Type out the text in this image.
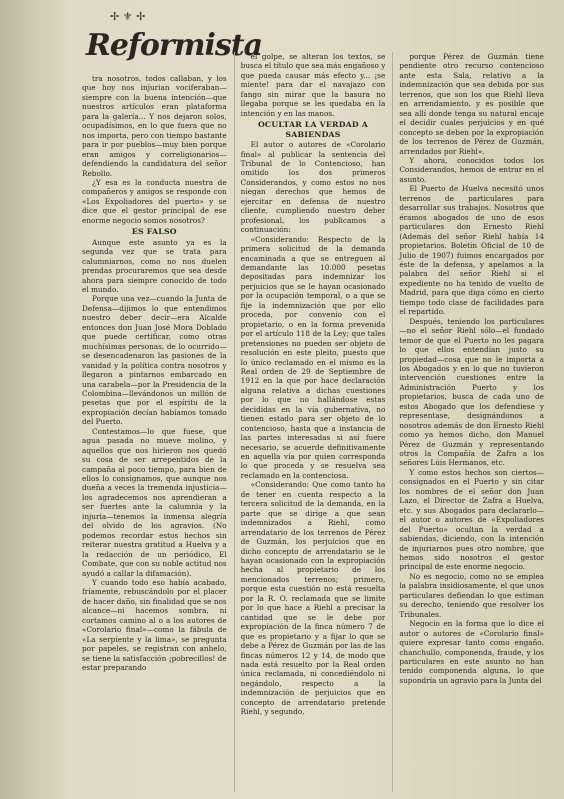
✢ ⚜ ✢
Reformista

tra nosotros, todos callaban, y los que hoy nos injurian vociferaban—siempre con la buena intención—que nuestros artículos eran plataforma para la galería... Y nos dejaron solos, ocupadísimos, en lo que fuera que no nos importa, pero con tiempo bastante para ir por pueblos—muy bien porque eran amigos y correligionarios—defendiendo la candidatura del señor Rebollo.

¿Y esa es la conducta nuestra de compañeros y amigos se responde con «Los Expoliadores del puerto» y se dice que el gestor principal de ese enorme negocio somos nosotros?

ES FALSO

Aunque este asunto ya es la segunda vez que se trata para calumniarnos, como no nos duelen prendas procuraremos que sea desde ahora para siempre conocido de todo el mundo.

Porque una vez—cuando la Junta de Defensa—dijimos lo que entendimos nuestro deber decir—era Alcalde entonces don Juan José Mora Doblado que puede certificar, como otras muchísimas personas, de lo ocurrido—se desencadenaron las pasiones de la vanidad y la política contra nosotros y llegaron a pintarnos embarcado en una carabela—por la Presidencia de la Colombina—llevándonos un millón de pesetas que por el espíritu de la expropiación decían habíamos tomado del Puerto.

Contestamos—lo que fuese, que agua pasada no mueve molino, y aquellos que nos hirieron nos quedó su cosa de ser arrepentidos de la campaña al poco tiempo, para bien de ellos lo consignamos, que aunque nos dueña a veces la tremenda injusticia—los agradecemos nos aprendieran a ser fuertes ante la calumnia y la injuria—tenemos la inmensa alegría del olvido de los agravios. (No podemos recordar estos hechos sin reiterar nuestra gratitud a Huelva y a la redacción de un periódico, El Combate, que con su noble actitud nos ayudó a callar la difamación).

Y cuando todo eso había acabado, fríamente, rebuscándolo por el placer de hacer daño, sin finalidad que se nos alcance—ni hacemos sombra, ni cortamos camino al o a los autores de «Corolario final»—como la fábula de «La serpiente y la lima», se pregunta por papeles, se registran con anhelo, se tiene la satisfacción ¡pobrecillos! de estar preparando

el golpe, se alteran los textos, se busca el título que sea más engañoso y que pueda causar más efecto y... ¡se miente! para dar el navajazo con fango sin mirar que la basura no llegaba porque se les quedaba en la intención y en las manos.

OCULTAR LA VERDAD A SABIENDAS

El autor o autores de «Corolario final» al publicar la sentencia del Tribunal de lo Contencioso, han omitido los dos primeros Considerandos, y como estos no nos niegan derechos que hemos de ejercitar en defensa de nuestro cliente, cumpliendo nuestro deber profesional, los publicamos a continuación:

«Considerando: Respecto de la primera solicitud de la demanda encaminada a que se entreguen al demandante las 10.000 pesetas depositadas para indemnizar los perjuicios que se le hayan ocasionado por la ocupación temporal, o a que se fije la indemnización que por ello proceda, por convenio con el propietario, o en la forma prevenida por el artículo 118 de la Ley; que tales pretensiones no pueden ser objeto de resolución en este pleito, puesto que lo único reclamado en el mismo es la Real orden de 29 de Septiembre de 1912 en la que por hace declaración alguna relativa a dichas cuestiones por lo que no hallándose estas decididas en la vía gubernativa, no tienen estado para ser objeto de lo contencioso, hasta que a instancia de las partes interesadas si así fuere necesario, se acuerde definitivamente en aquella vía por quien corresponda lo que proceda y se resuelva sea reclamado en la contenciosa.

«Considerando: Que como tanto ha de tener en cuenta respecto a la tercera solicitud de la demanda, en la parte que se dirige a que sean indemnizados a Riehl, como arrendatario de los terrenos de Pérez de Guzmán, los perjuicios que en dicho concepto de arrendatario se le hayan ocasionado con la expropiación hecha al propietario de los mencionados terrenos; primero, porque esta cuestión no está resuelta por la R. O. reclamada que se limite por lo que hace a Riehl a precisar la cantidad que se le debe por expropiación de la finca número 7 de que es propietario y a fijar lo que se debe a Pérez de Guzmán por las de las fincas números 12 y 14, de modo que nada está resuelto por la Real orden única reclamada, ni concediéndolo ni negándolo, respecto a la indemnización de perjuicios que en concepto de arrendatario pretende Riehl, y segundo,

porque Pérez de Guzmán tiene pendiente otro recurso contencioso ante esta Sala, relativo a la indemnización que sea debida por sus terrenos, que son los que Riehl lleva en arrendamiento, y es posible que sea allí donde tenga su natural encaje el decidir cuales perjuicios y en qué concepto se deben por la expropiación de los terrenos de Pérez de Guzmán, arrendados por Riehl».

Y ahora, conocidos todos los Considerandos, hemos de entrar en el asunto.

El Puerto de Huelva necesitó unos terrenos de particulares para desarrollar sus trabajos. Nosotros que éramos abogados de uno de esos particulares don Ernesto Riehl (Además del señor Riehl había 14 propietarios. Boletín Oficial de 10 de Julio de 1907) fuimos encargados por éste de la defensa, y apelamos a la palabra del señor Riehl si el expediente no ha tenido de vuelto de Madrid, para que diga cómo en cierto tiempo todo clase de facilidades para el repartido.

Después, teniendo los particulares—no el señor Riehl sólo—el fundado temor de que el Puerto no les pagara lo que ellos entendían justo su propiedad—cosa que no le importa a los Abogados y en lo que no tuvieron intervención cuestiones entre la Administración Puerto y los propietarios, busca de cada uno de estos Abogado que los defendiese y representase, designándonos a nosotros además de don Ernesto Riehl como ya hemos dicho, don Manuel Pérez de Guzmán y representando otros la Compañía de Zafra a los señores Lúis Hermanos, etc.

Y como estos hechos son ciertos—consignados en el Puerto y sin citar los nombres de el señor don Juan Lazo, el Director de Zafra a Huelva, etc. y sus Abogados para declararlo—el autor o autores de «Expoliadores del Puerto» ocultan la verdad a sabiendas, diciendo, con la intención de injuriarnos pues otro nombre, que hemos sido nosotros el gestor principal de este enorme negocio.

No es negocio, como no se emplea la palabra insidiosamente, el que unos particulares defiendan lo que estiman su derecho, teniendo que resolver los Tribunales.

Negocio en la forma que lo dice el autor o autores de «Corolario final» quiere expresar tanto como engaño, chanchullo, componenda, fraude, y los particulares en este asunto no han tenido componenda alguna, lo que supondría un agravio para la Junta del
